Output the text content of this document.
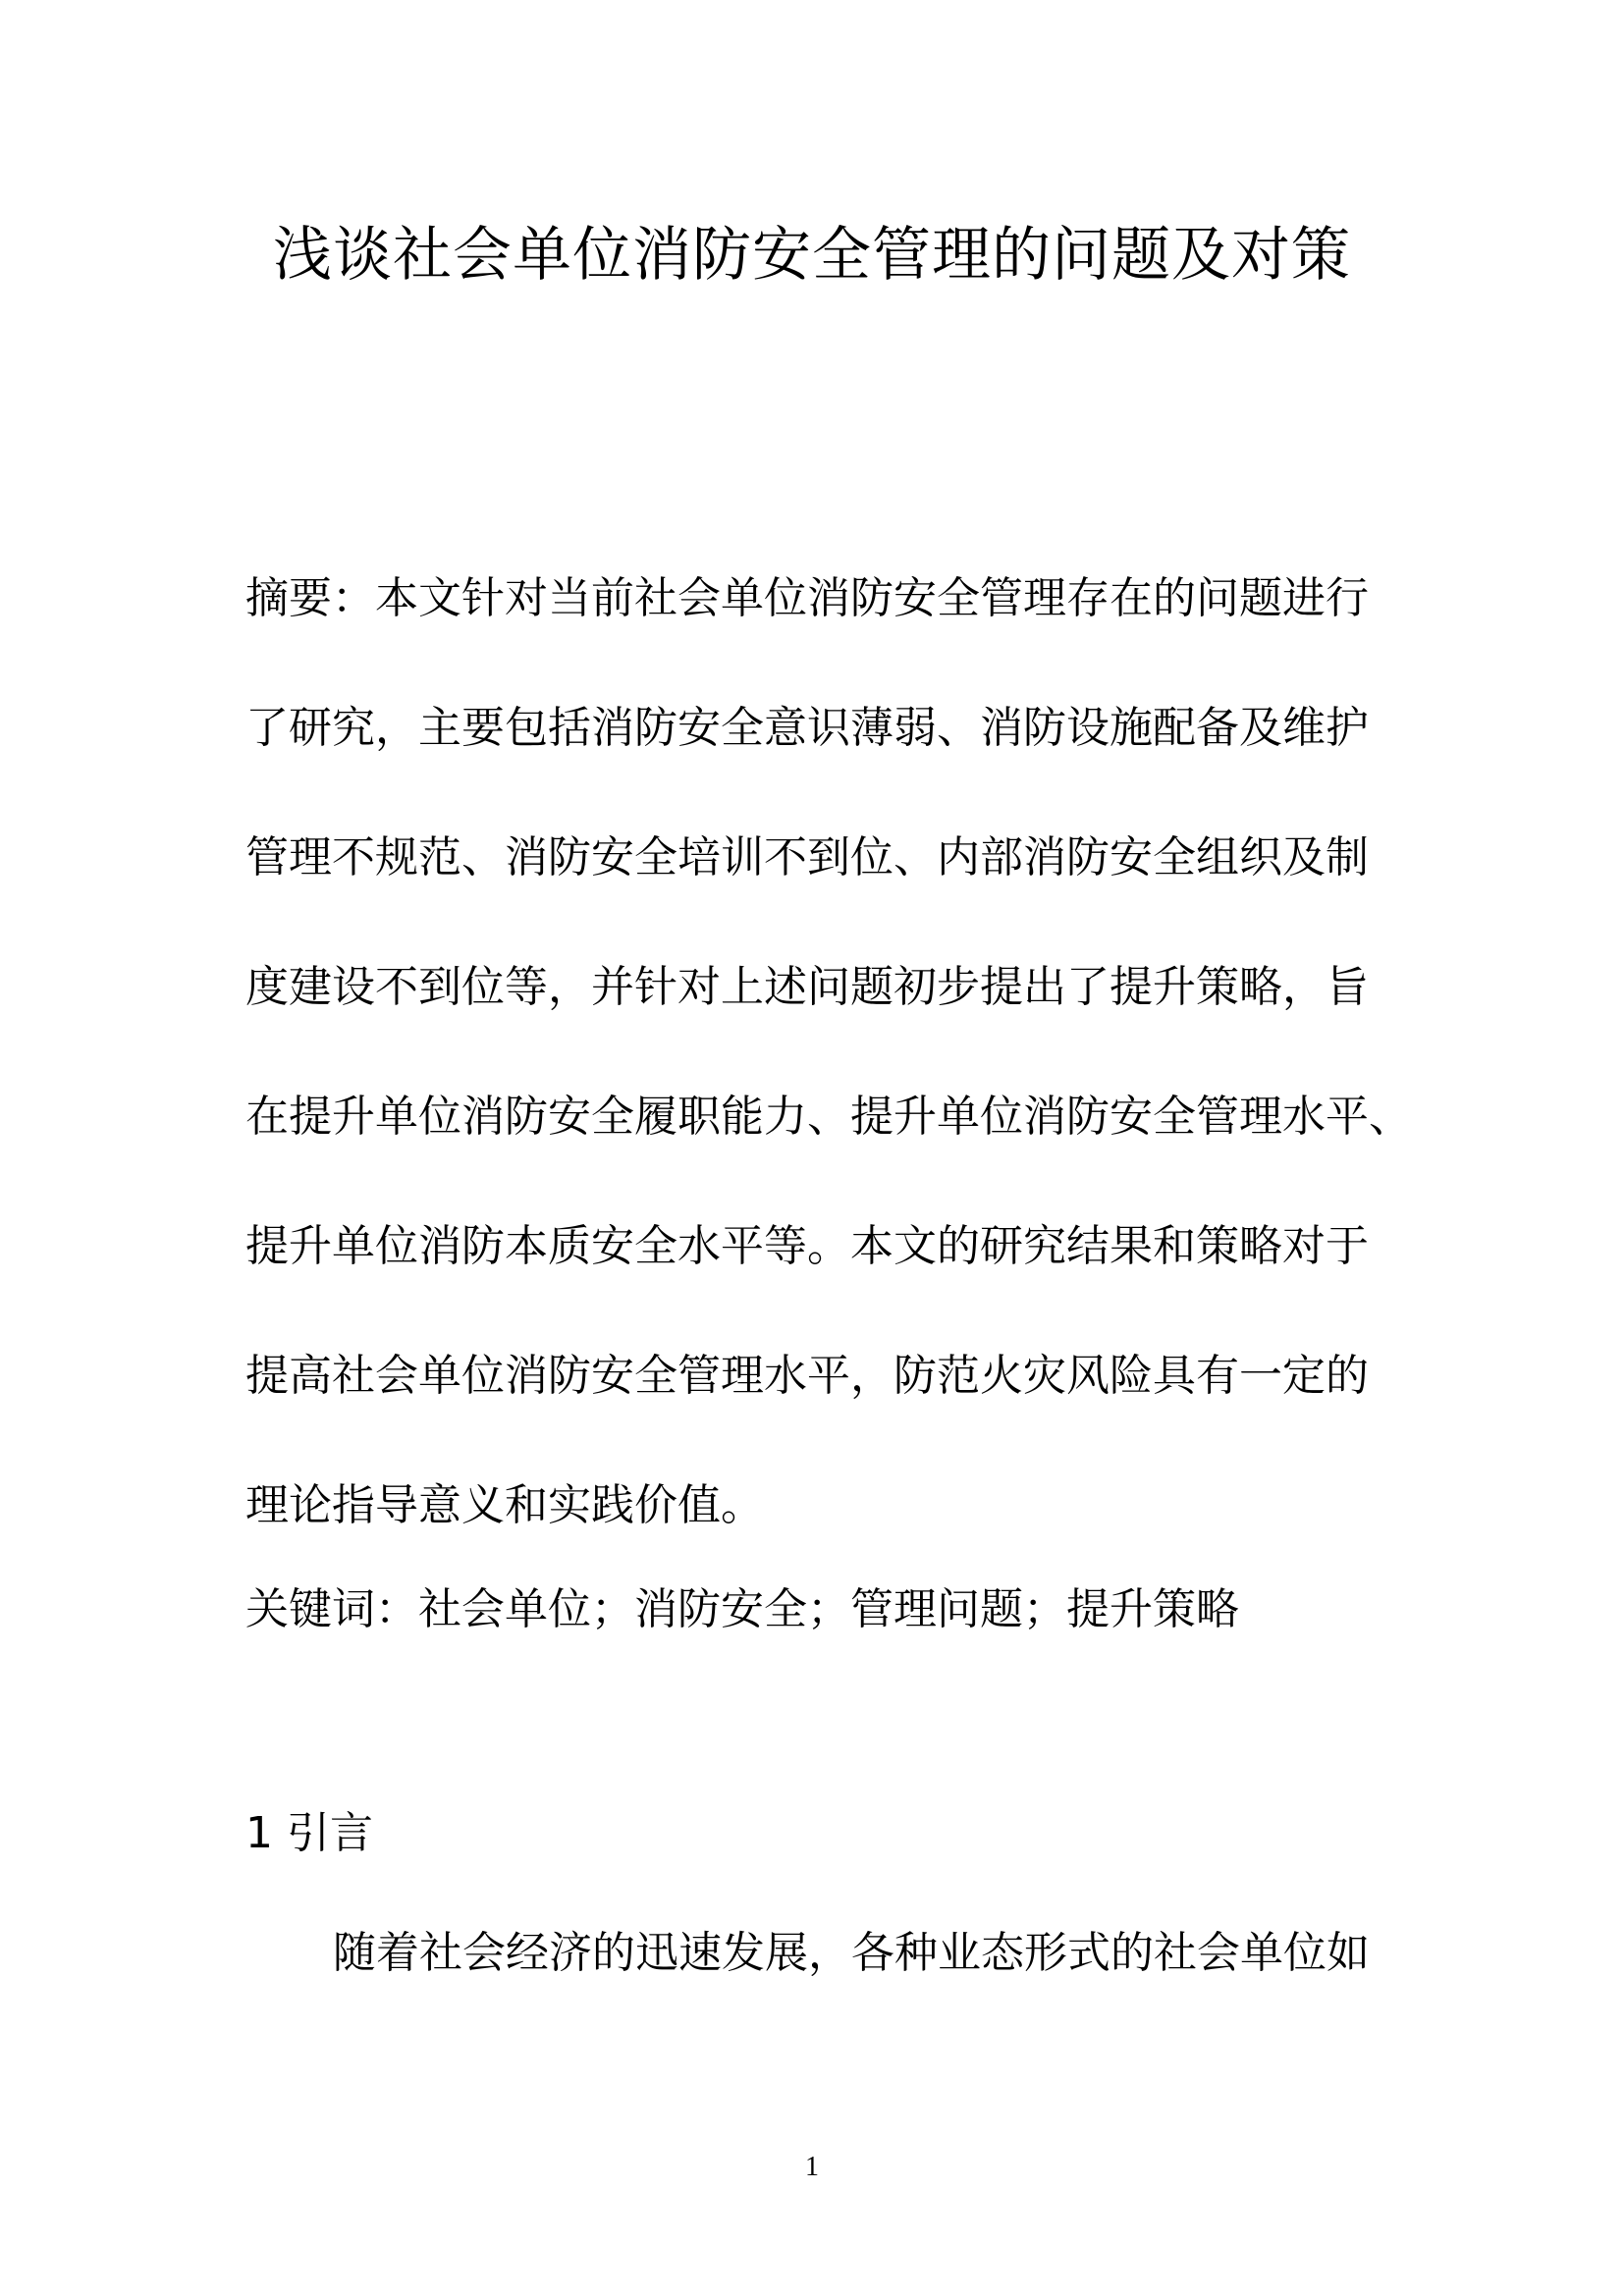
浅谈社会单位消防安全管理的问题及对策
摘要：本文针对当前社会单位消防安全管理存在的问题进行
了研究，主要包括消防安全意识薄弱、消防设施配备及维护
管理不规范、消防安全培训不到位、内部消防安全组织及制
度建设不到位等，并针对上述问题初步提出了提升策略，旨
在提升单位消防安全履职能力、提升单位消防安全管理水平、
提升单位消防本质安全水平等。本文的研究结果和策略对于
提高社会单位消防安全管理水平，防范火灾风险具有一定的
理论指导意义和实践价值。
关键词：社会单位；消防安全；管理问题；提升策略
1 引言
随着社会经济的迅速发展，各种业态形式的社会单位如
1
